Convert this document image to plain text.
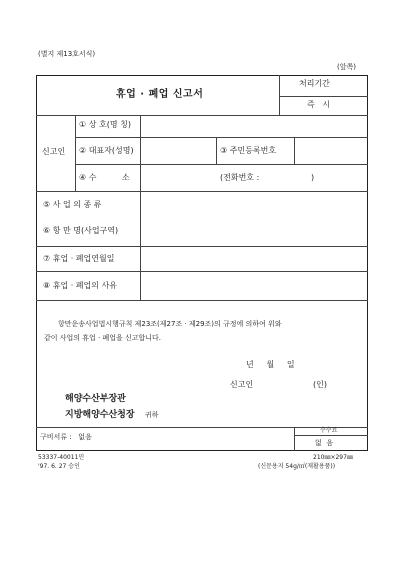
(별지 제13호서식)
(앞쪽)
휴업 · 폐업 신고서
처리기간
즉   시
신고인
① 상 호(명 칭)
② 대표자(성명)	③ 주민등록번호
④ 수          소	(전화번호 :	)
⑤ 사 업 의 종 류
⑥ 항 만 명(사업구역)
⑦ 휴업 · 폐업연월일
⑧ 휴업 · 폐업의 사유
항만운송사업법시행규칙 제23조(제27조 · 제29조)의 규정에 의하여 위와
같이 사업의 휴업 · 폐업을 신고합니다.
년     월     일
신고인	(인)
해양수산부장관
지방해양수산청장 귀하
구비서류 :   없음
수수료
없  음
53337-40011민
'97. 6. 27 승인
210㎜×297㎜
(신문용지 54g/㎡(재활용품))
